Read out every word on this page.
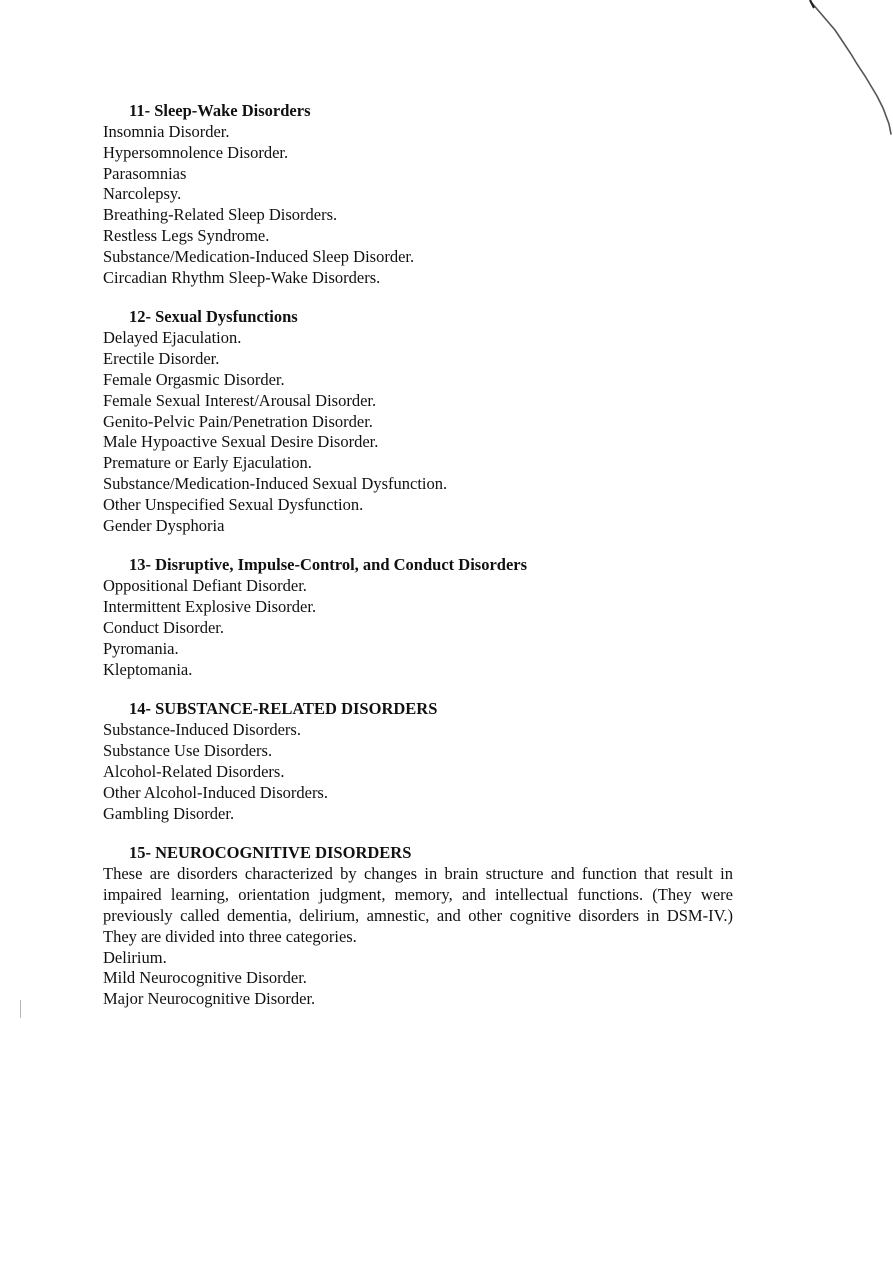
11- Sleep-Wake Disorders

Insomnia Disorder.

Hypersomnolence Disorder.

Parasomnias

Narcolepsy.

Breathing-Related Sleep Disorders.

Restless Legs Syndrome.

Substance/Medication-Induced Sleep Disorder.

Circadian Rhythm Sleep-Wake Disorders.

12- Sexual Dysfunctions

Delayed Ejaculation.

Erectile Disorder.

Female Orgasmic Disorder.

Female Sexual Interest/Arousal Disorder.

Genito-Pelvic Pain/Penetration Disorder.

Male Hypoactive Sexual Desire Disorder.

Premature or Early Ejaculation.

Substance/Medication-Induced Sexual Dysfunction.

Other Unspecified Sexual Dysfunction.

Gender Dysphoria

13- Disruptive, Impulse-Control, and Conduct Disorders

Oppositional Defiant Disorder.

Intermittent Explosive Disorder.

Conduct Disorder.

Pyromania.

Kleptomania.

14- SUBSTANCE-RELATED DISORDERS

Substance-Induced Disorders.

Substance Use Disorders.

Alcohol-Related Disorders.

Other Alcohol-Induced Disorders.

Gambling Disorder.

15- NEUROCOGNITIVE DISORDERS

These are disorders characterized by changes in brain structure and function that result in impaired learning, orientation judgment, memory, and intellectual functions. (They were previously called dementia, delirium, amnestic, and other cognitive disorders in DSM-IV.) They are divided into three categories.

Delirium.

Mild Neurocognitive Disorder.

Major Neurocognitive Disorder.
